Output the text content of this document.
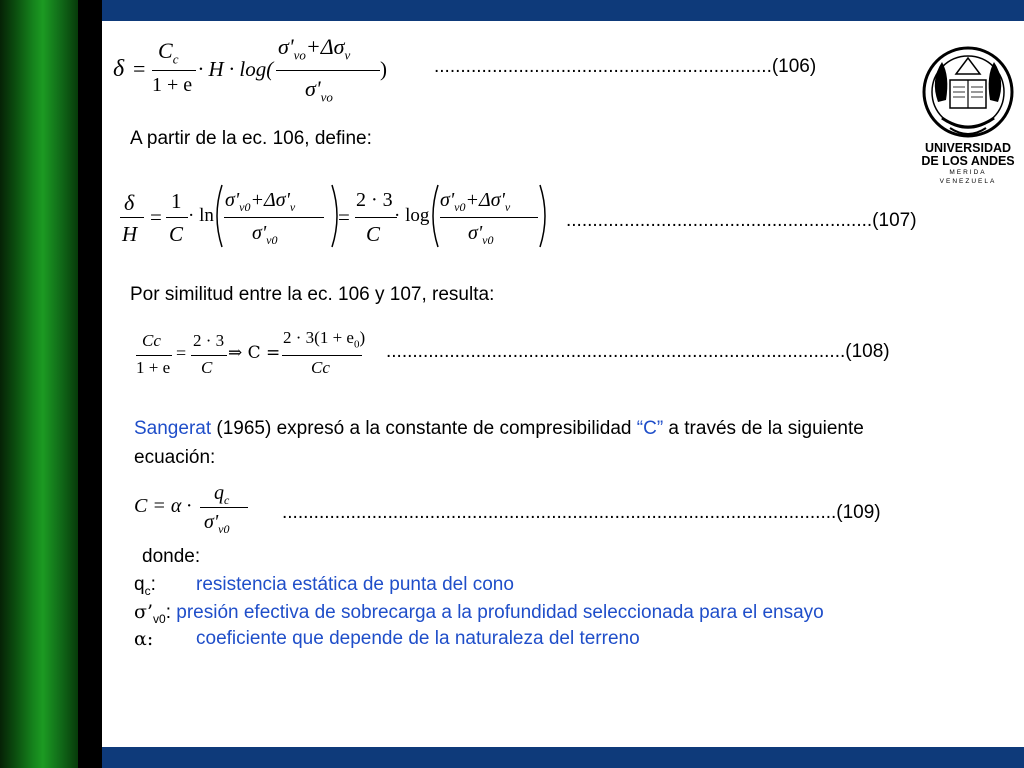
δ =
$C_c$
1 + e
· H · log(
$\sigma'_{vo}+\Delta\sigma_v$
$\sigma'_{vo}$
) ................................................................(106)
A partir de la ec. 106, define:
δ
H
=
1
C
· ln
$\sigma'_{v0}+\Delta\sigma'_v$
$\sigma'_{v0}$
=
2 · 3
C
· log
$\sigma'_{v0}+\Delta\sigma'_v$
$\sigma'_{v0}$
..........................................................(107)
Por similitud entre la ec. 106 y 107, resulta:
Cc
1 + e
=
2 · 3
C
⇒ C =
$2 \cdot 3(1 + e_0)$
Cc
.......................................................................................(108)
Sangerat (1965) expresó a la constante de compresibilidad “C” a través de la siguiente
ecuación:
C = α ·
$q_c$
$\sigma'_{v0}$
.........................................................................................................(109)
donde:
$q_c$: resistencia estática de punta del cono
$\sigma’_{v0}$: presión efectiva de sobrecarga a la profundidad seleccionada para el ensayo
α: coeficiente que depende de la naturaleza del terreno
UNIVERSIDAD
DE LOS ANDES
MERIDA VENEZUELA
